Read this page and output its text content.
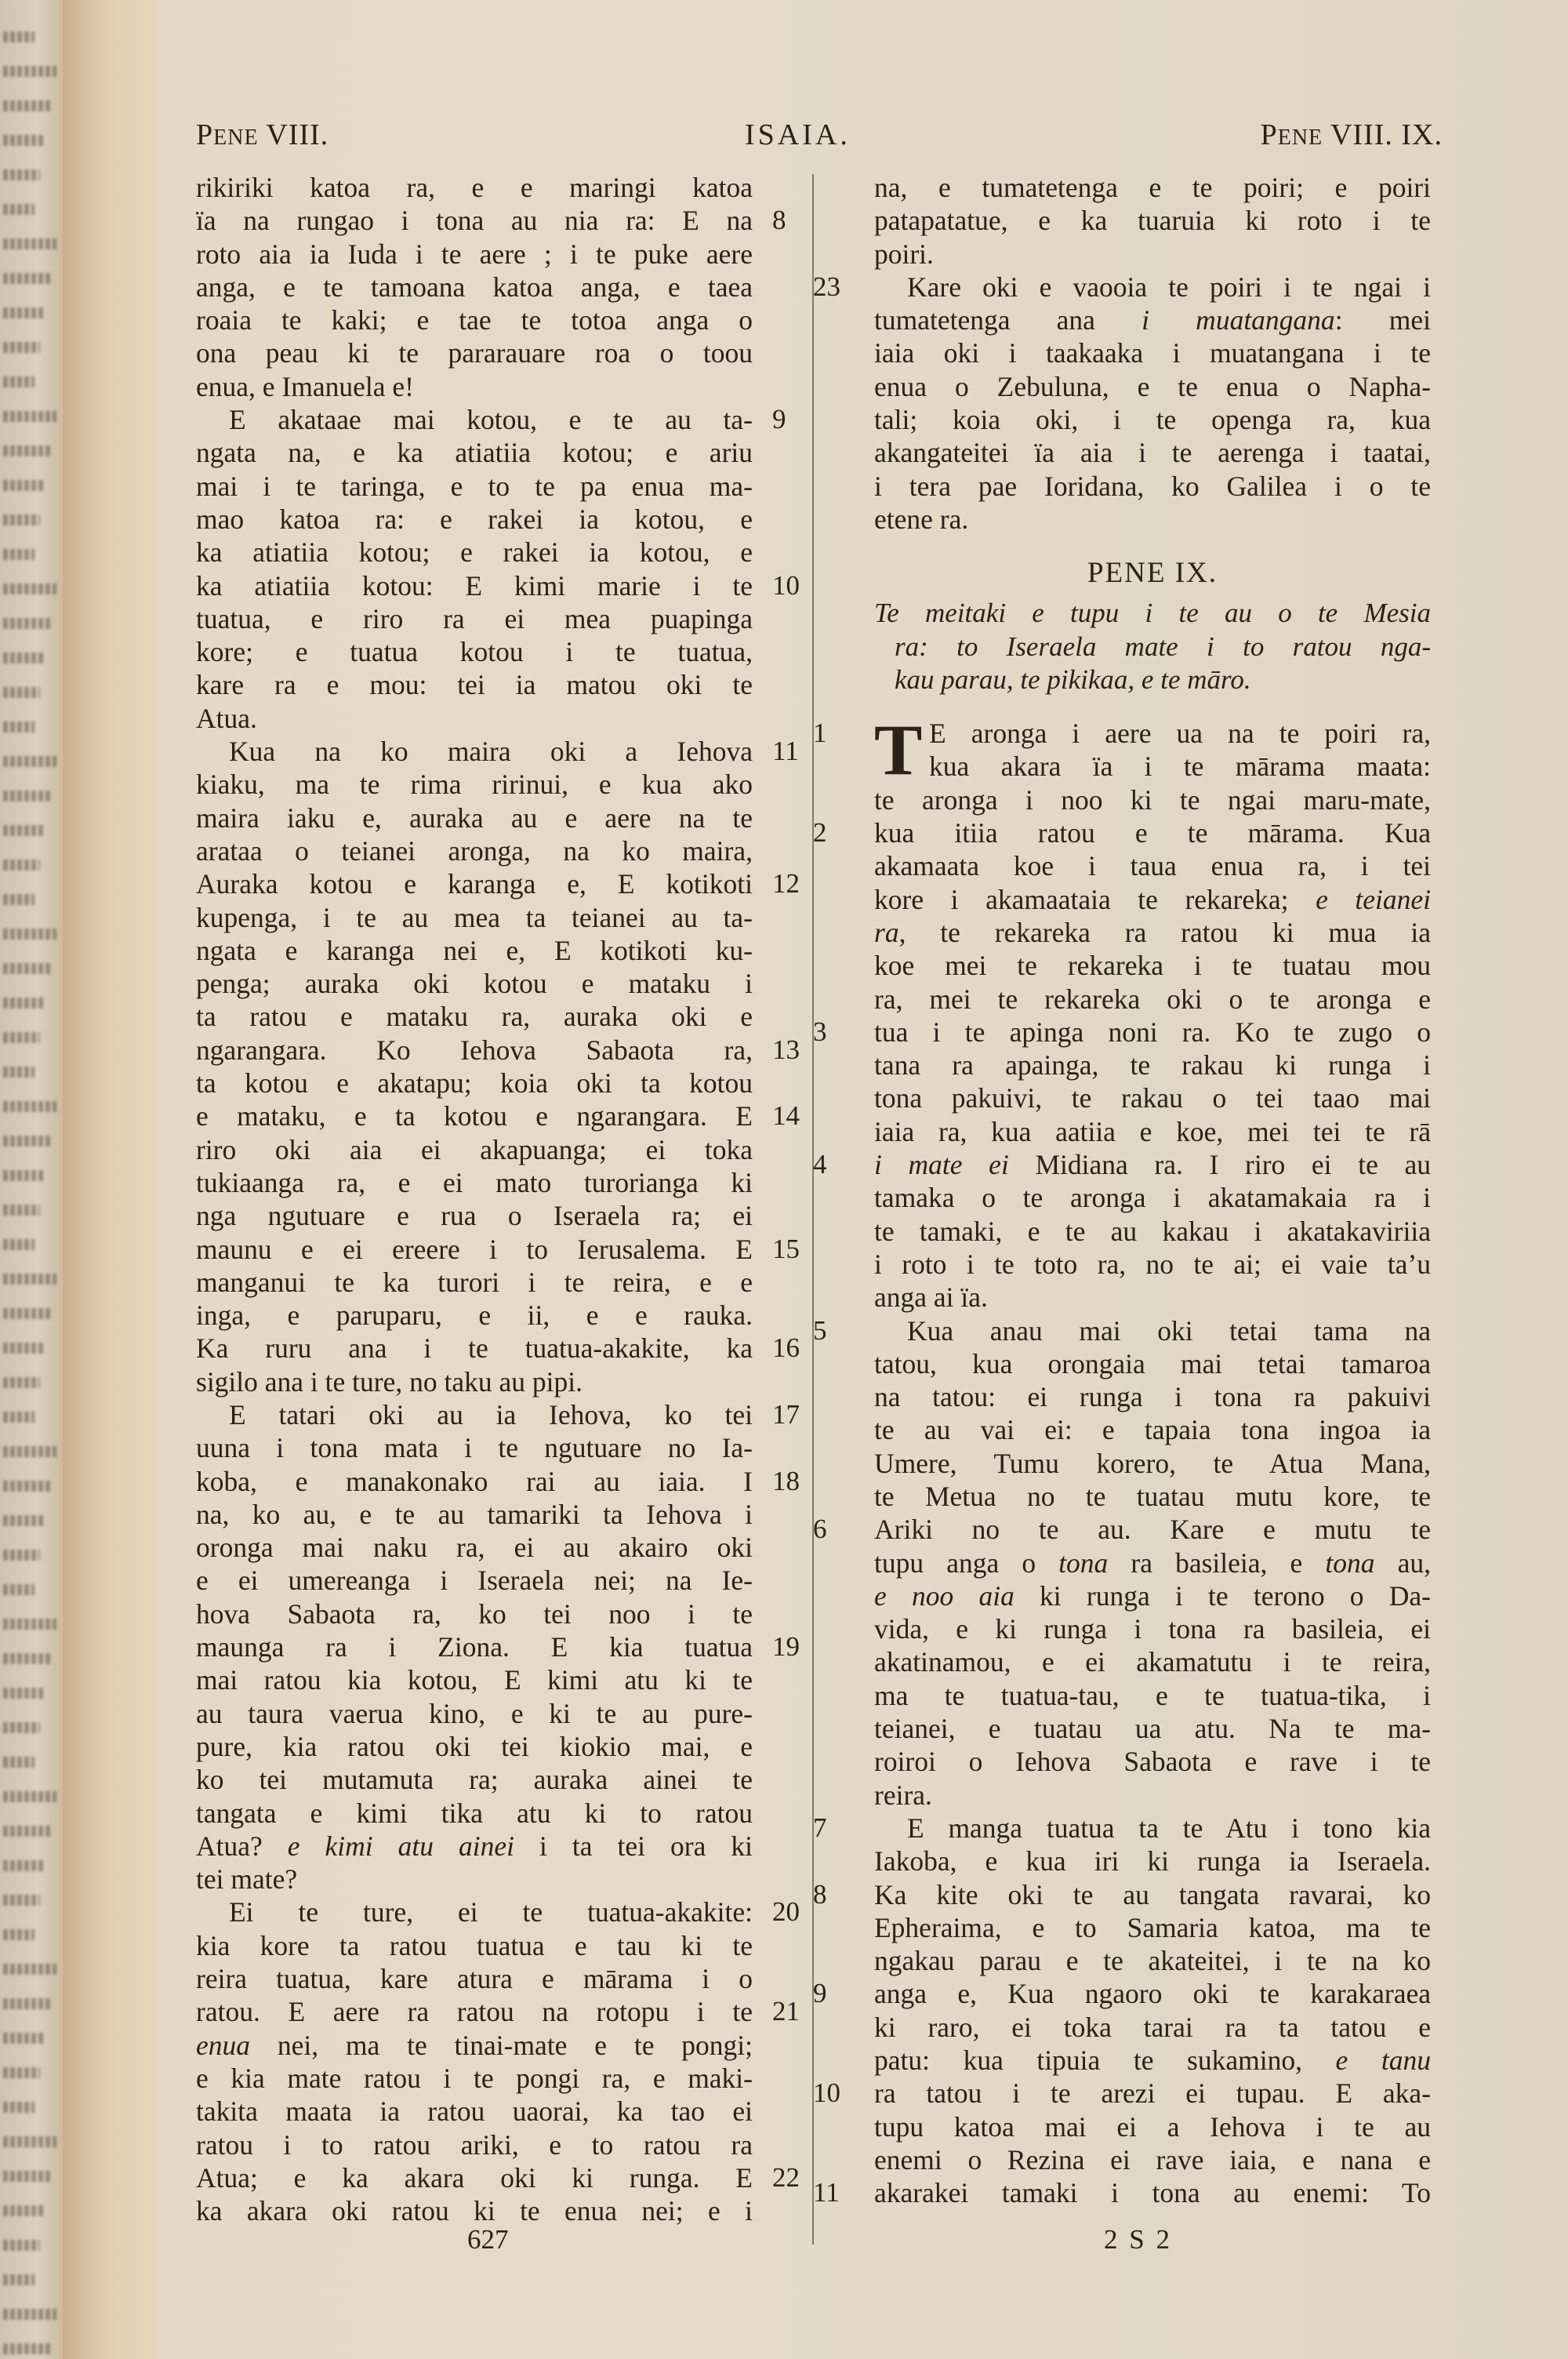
PENE VIII.	ISAIA.	PENE VIII. IX.
rikiriki katoa ra, e e maringi katoa
ïa na rungao i tona au nia ra: E na 8
roto aia ia Iuda i te aere ; i te puke aere
anga, e te tamoana katoa anga, e taea
roaia te kaki; e tae te totoa anga o
ona peau ki te pararauare roa o toou
enua, e Imanuela e!
E akataae mai kotou, e te au ta- 9
ngata na, e ka atiatiia kotou; e ariu
mai i te taringa, e to te pa enua ma-
mao katoa ra: e rakei ia kotou, e
ka atiatiia kotou; e rakei ia kotou, e
ka atiatiia kotou: E kimi marie i te 10
tuatua, e riro ra ei mea puapinga
kore; e tuatua kotou i te tuatua,
kare ra e mou: tei ia matou oki te
Atua.
Kua na ko maira oki a Iehova 11
kiaku, ma te rima ririnui, e kua ako
maira iaku e, auraka au e aere na te
arataa o teianei aronga, na ko maira,
Auraka kotou e karanga e, E kotikoti 12
kupenga, i te au mea ta teianei au ta-
ngata e karanga nei e, E kotikoti ku-
penga; auraka oki kotou e mataku i
ta ratou e mataku ra, auraka oki e
ngarangara. Ko Iehova Sabaota ra, 13
ta kotou e akatapu; koia oki ta kotou
e mataku, e ta kotou e ngarangara. E 14
riro oki aia ei akapuanga; ei toka
tukiaanga ra, e ei mato turorianga ki
nga ngutuare e rua o Iseraela ra; ei
maunu e ei ereere i to Ierusalema. E 15
manganui te ka turori i te reira, e e
inga, e paruparu, e ii, e e rauka.
Ka ruru ana i te tuatua-akakite, ka 16
sigilo ana i te ture, no taku au pipi.
E tatari oki au ia Iehova, ko tei 17
uuna i tona mata i te ngutuare no Ia-
koba, e manakonako rai au iaia. I 18
na, ko au, e te au tamariki ta Iehova i
oronga mai naku ra, ei au akairo oki
e ei umereanga i Iseraela nei; na Ie-
hova Sabaota ra, ko tei noo i te
maunga ra i Ziona. E kia tuatua 19
mai ratou kia kotou, E kimi atu ki te
au taura vaerua kino, e ki te au pure-
pure, kia ratou oki tei kiokio mai, e
ko tei mutamuta ra; auraka ainei te
tangata e kimi tika atu ki to ratou
Atua? e kimi atu ainei i ta tei ora ki
tei mate?
Ei te ture, ei te tuatua-akakite: 20
kia kore ta ratou tuatua e tau ki te
reira tuatua, kare atura e mārama i o
ratou. E aere ra ratou na rotopu i te 21
enua nei, ma te tinai-mate e te pongi;
e kia mate ratou i te pongi ra, e maki-
takita maata ia ratou uaorai, ka tao ei
ratou i to ratou ariki, e to ratou ra
Atua; e ka akara oki ki runga. E 22
ka akara oki ratou ki te enua nei; e i
na, e tumatetenga e te poiri; e poiri
patapatatue, e ka tuaruia ki roto i te
poiri.
Kare oki e vaooia te poiri i te ngai i
23
tumatetenga ana i muatangana: mei
iaia oki i taakaaka i muatangana i te
enua o Zebuluna, e te enua o Napha-
tali; koia oki, i te openga ra, kua
akangateitei ïa aia i te aerenga i taatai,
i tera pae Ioridana, ko Galilea i o te
etene ra.
PENE IX.
Te meitaki e tupu i te au o te Mesia
ra: to Iseraela mate i to ratou nga-
kau parau, te pikikaa, e te māro.
T E aronga i aere ua na te poiri ra,
1
kua akara ïa i te mārama maata:
te aronga i noo ki te ngai maru-mate,
kua itiia ratou e te mārama. Kua
2
akamaata koe i taua enua ra, i tei
kore i akamaataia te rekareka; e teianei
ra, te rekareka ra ratou ki mua ia
koe mei te rekareka i te tuatau mou
ra, mei te rekareka oki o te aronga e
tua i te apinga noni ra. Ko te zugo o
3
tana ra apainga, te rakau ki runga i
tona pakuivi, te rakau o tei taao mai
iaia ra, kua aatiia e koe, mei tei te rā
i mate ei Midiana ra. I riro ei te au
4
tamaka o te aronga i akatamakaia ra i
te tamaki, e te au kakau i akatakaviriia
i roto i te toto ra, no te ai; ei vaie ta’u
anga ai ïa.
Kua anau mai oki tetai tama na
5
tatou, kua orongaia mai tetai tamaroa
na tatou: ei runga i tona ra pakuivi
te au vai ei: e tapaia tona ingoa ia
Umere, Tumu korero, te Atua Mana,
te Metua no te tuatau mutu kore, te
Ariki no te au. Kare e mutu te
6
tupu anga o tona ra basileia, e tona au,
e noo aia ki runga i te terono o Da-
vida, e ki runga i tona ra basileia, ei
akatinamou, e ei akamatutu i te reira,
ma te tuatua-tau, e te tuatua-tika, i
teianei, e tuatau ua atu. Na te ma-
roiroi o Iehova Sabaota e rave i te
reira.
E manga tuatua ta te Atu i tono kia
7
Iakoba, e kua iri ki runga ia Iseraela.
Ka kite oki te au tangata ravarai, ko
8
Epheraima, e to Samaria katoa, ma te
ngakau parau e te akateitei, i te na ko
anga e, Kua ngaoro oki te karakaraea
9
ki raro, ei toka tarai ra ta tatou e
patu: kua tipuia te sukamino, e tanu
ra tatou i te arezi ei tupau. E aka-
10
tupu katoa mai ei a Iehova i te au
enemi o Rezina ei rave iaia, e nana e
akarakei tamaki i tona au enemi: To
11
627	2 S 2
